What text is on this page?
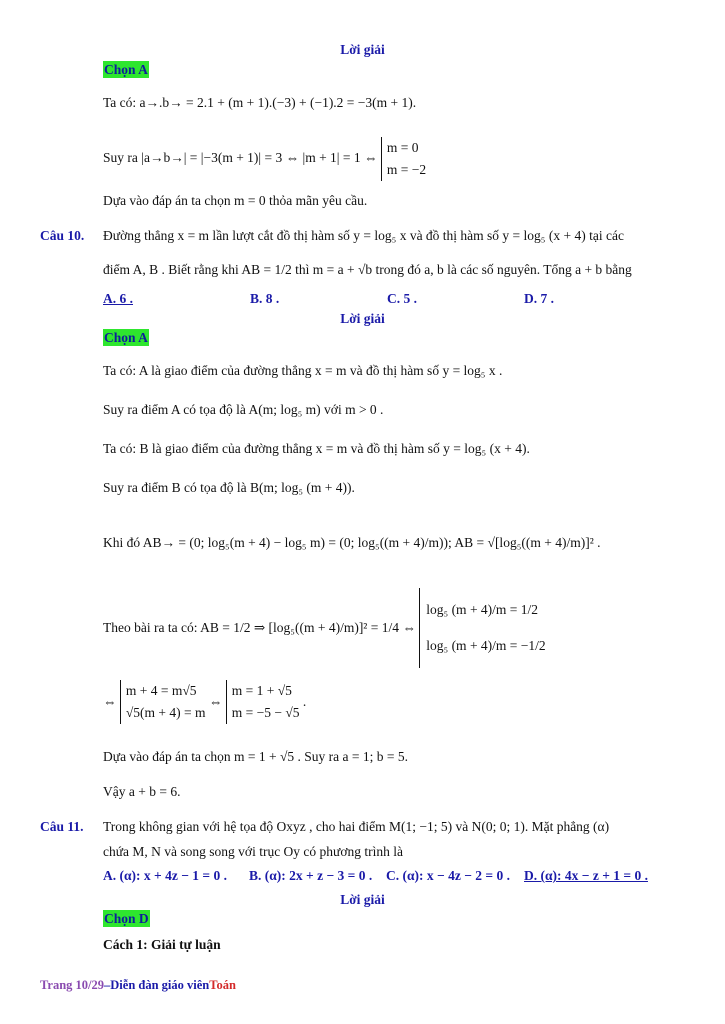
Lời giải
Chọn A
Ta có: a→.b→ = 2.1 + (m + 1).(−3) + (−1).2 = −3(m + 1).
Suy ra |a→b→| = |−3(m + 1)| = 3 ⇔ |m + 1| = 1 ⇔
m = 0
m = −2
Dựa vào đáp án ta chọn m = 0 thỏa mãn yêu cầu.
Câu 10. Đường thẳng x = m lần lượt cắt đồ thị hàm số y = log₅ x và đồ thị hàm số y = log₅ (x + 4) tại các
điểm A, B . Biết rằng khi AB = 1/2 thì m = a + √b trong đó a, b là các số nguyên. Tổng a + b bằng
A. 6 .	B. 8 .	C. 5 .	D. 7 .
Lời giải
Chọn A
Ta có: A là giao điểm của đường thẳng x = m và đồ thị hàm số y = log₅ x .
Suy ra điểm A có tọa độ là A(m; log₅ m) với m > 0 .
Ta có: B là giao điểm của đường thẳng x = m và đồ thị hàm số y = log₅ (x + 4).
Suy ra điểm B có tọa độ là B(m; log₅ (m + 4)).
Khi đó AB→ = (0; log₅(m + 4) − log₅ m) = (0; log₅((m + 4)/m)); AB = √[log₅((m + 4)/m)]² .
Theo bài ra ta có: AB = 1/2 ⇒ [log₅((m + 4)/m)]² = 1/4 ⇔
log₅ (m + 4)/m = 1/2
log₅ (m + 4)/m = −1/2
⇔
m + 4 = m√5
√5(m + 4) = m
⇔
m = 1 + √5
m = −5 − √5
.
Dựa vào đáp án ta chọn m = 1 + √5 . Suy ra a = 1; b = 5.
Vậy a + b = 6.
Câu 11. Trong không gian với hệ tọa độ Oxyz , cho hai điểm M(1; −1; 5) và N(0; 0; 1). Mặt phẳng (α)
chứa M, N và song song với trục Oy có phương trình là
A. (α): x + 4z − 1 = 0 . B. (α): 2x + z − 3 = 0 . C. (α): x − 4z − 2 = 0 . D. (α): 4x − z + 1 = 0 .
Lời giải
Chọn D
Cách 1: Giải tự luận
Trang 10/29–Diễn đàn giáo viênToán
